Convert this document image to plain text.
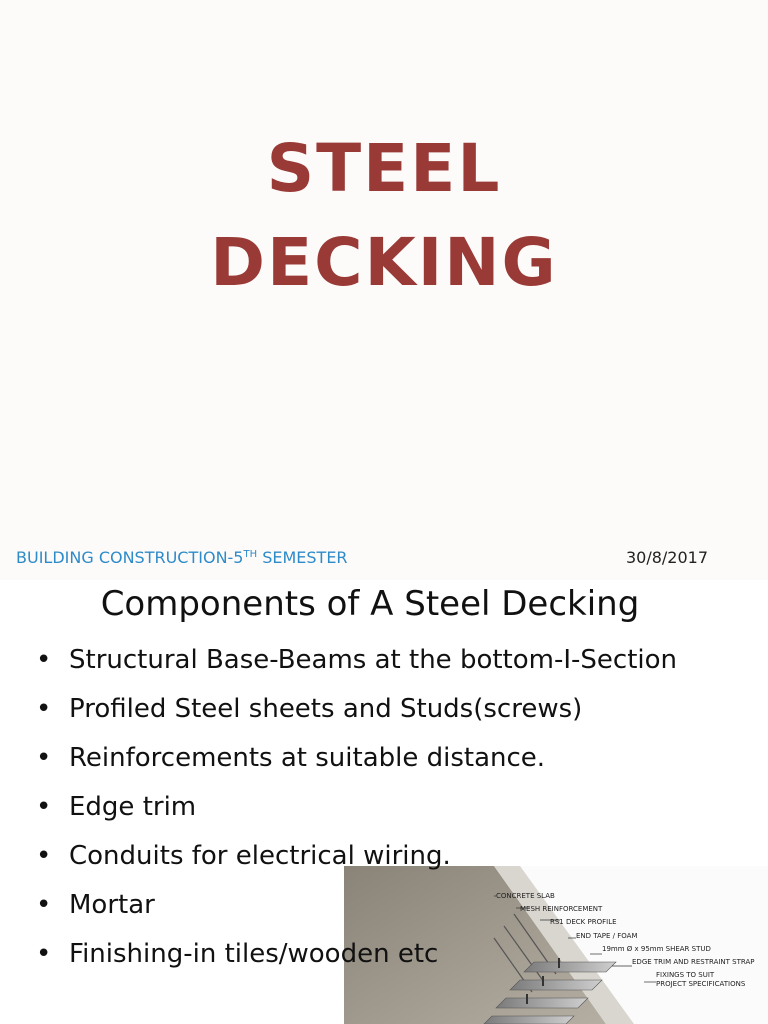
STEEL
DECKING
BUILDING CONSTRUCTION-5TH SEMESTER	30/8/2017
Components of A Steel Decking
• Structural Base-Beams at the bottom-I-Section
• Profiled Steel sheets and Studs(screws)
• Reinforcements at suitable distance.
• Edge trim
• Conduits for electrical wiring.
• Mortar
• Finishing-in tiles/wooden etc
CONCRETE SLAB
MESH REINFORCEMENT
RS1 DECK PROFILE
END TAPE / FOAM
19mm Ø x 95mm SHEAR STUD
EDGE TRIM AND RESTRAINT STRAP
FIXINGS TO SUIT
PROJECT SPECIFICATIONS
